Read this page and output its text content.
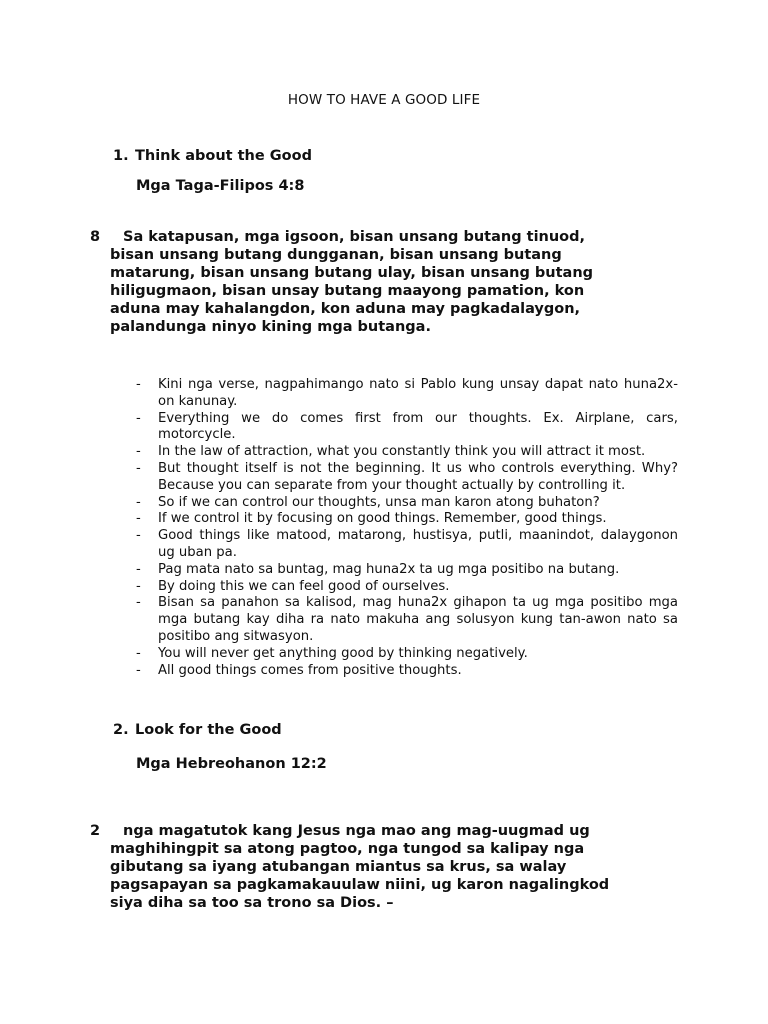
HOW TO HAVE A GOOD LIFE
1. Think about the Good
Mga Taga-Filipos 4:8
8	Sa katapusan, mga igsoon, bisan unsang butang tinuod,
bisan unsang butang dungganan, bisan unsang butang
matarung, bisan unsang butang ulay, bisan unsang butang
hiligugmaon, bisan unsay butang maayong pamation, kon
aduna may kahalangdon, kon aduna may pagkadalaygon,
palandunga ninyo kining mga butanga.
- Kini nga verse, nagpahimango nato si Pablo kung unsay dapat nato huna2x-on kanunay.
- Everything we do comes first from our thoughts. Ex. Airplane, cars, motorcycle.
- In the law of attraction, what you constantly think you will attract it most.
- But thought itself is not the beginning. It us who controls everything. Why? Because you can separate from your thought actually by controlling it.
- So if we can control our thoughts, unsa man karon atong buhaton?
- If we control it by focusing on good things. Remember, good things.
- Good things like matood, matarong, hustisya, putli, maanindot, dalaygonon ug uban pa.
- Pag mata nato sa buntag, mag huna2x ta ug mga positibo na butang.
- By doing this we can feel good of ourselves.
- Bisan sa panahon sa kalisod, mag huna2x gihapon ta ug mga positibo mga mga butang kay diha ra nato makuha ang solusyon kung tan-awon nato sa positibo ang sitwasyon.
- You will never get anything good by thinking negatively.
- All good things comes from positive thoughts.
2. Look for the Good
Mga Hebreohanon 12:2
2	nga magatutok kang Jesus nga mao ang mag-uugmad ug
maghihingpit sa atong pagtoo, nga tungod sa kalipay nga
gibutang sa iyang atubangan miantus sa krus, sa walay
pagsapayan sa pagkamakauulaw niini, ug karon nagalingkod
siya diha sa too sa trono sa Dios. –
